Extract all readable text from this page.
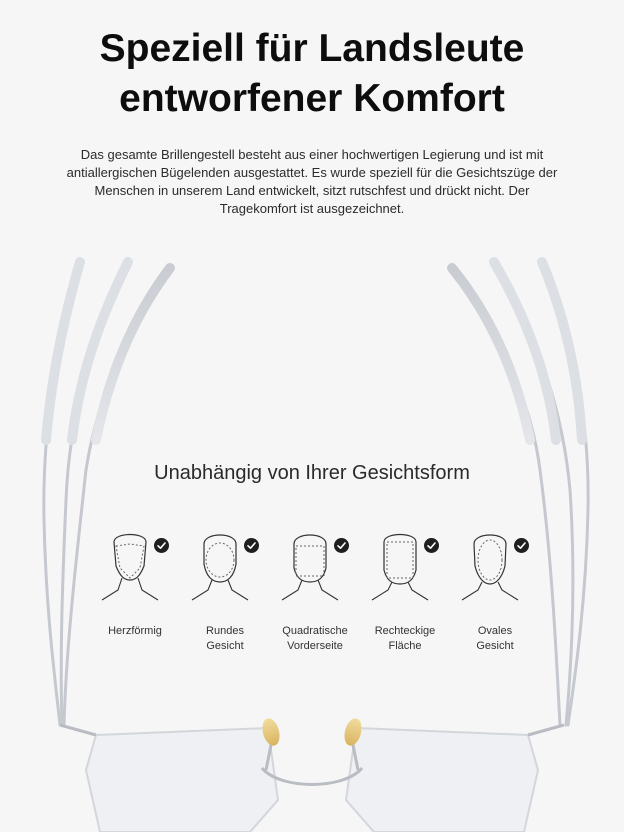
Speziell für Landsleute
entworfener Komfort

Das gesamte Brillengestell besteht aus einer hochwertigen Legierung und ist mit antiallergischen Bügelenden ausgestattet. Es wurde speziell für die Gesichtszüge der Menschen in unserem Land entwickelt, sitzt rutschfest und drückt nicht. Der Tragekomfort ist ausgezeichnet.

Unabhängig von Ihrer Gesichtsform
Herzförmig	Rundes
Gesicht
Quadratische
Vorderseite
Rechteckige
Fläche
Ovales
Gesicht
